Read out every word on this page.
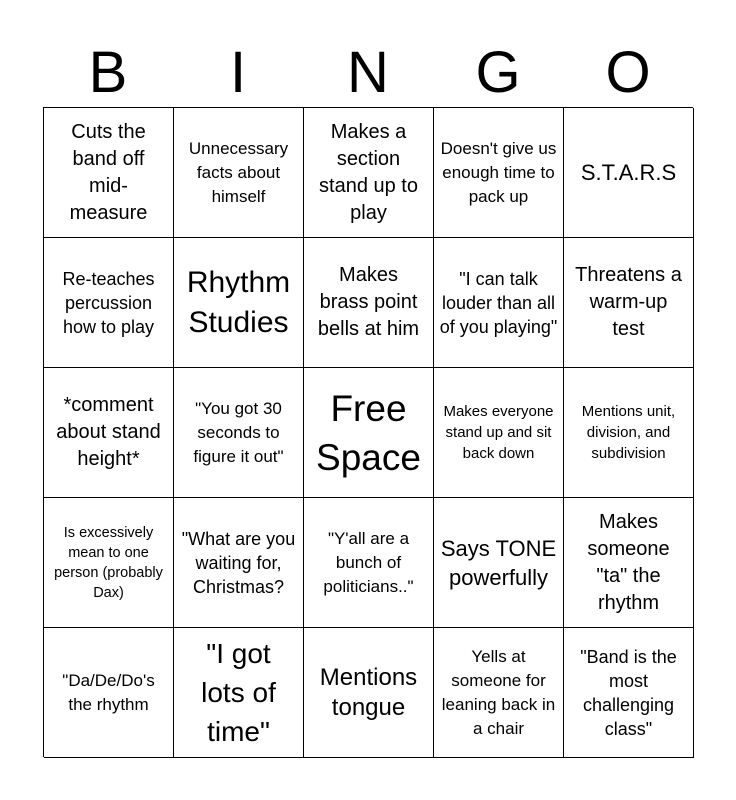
B	I	N	G	O
Cuts the band off mid-measure
Unnecessary facts about himself
Makes a section stand up to play
Doesn't give us enough time to pack up
S.T.A.R.S
Re-teaches percussion how to play
Rhythm Studies
Makes brass point bells at him
"I can talk louder than all of you playing"
Threatens a warm-up test
*comment about stand height*
"You got 30 seconds to figure it out"
Free Space
Makes everyone stand up and sit back down
Mentions unit, division, and subdivision
Is excessively mean to one person (probably Dax)
"What are you waiting for, Christmas?
"Y'all are a bunch of politicians.."
Says TONE powerfully
Makes someone "ta" the rhythm
"Da/De/Do's the rhythm
"I got lots of time"
Mentions tongue
Yells at someone for leaning back in a chair
"Band is the most challenging class"
